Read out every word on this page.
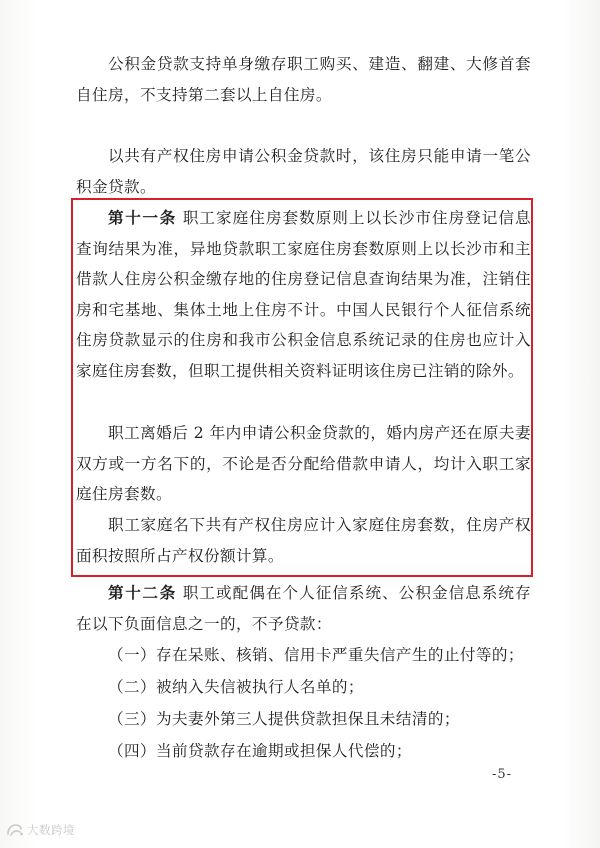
公积金贷款支持单身缴存职工购买、建造、翻建、大修首套自住房，不支持第二套以上自住房。

以共有产权住房申请公积金贷款时，该住房只能申请一笔公积金贷款。

第十一条 职工家庭住房套数原则上以长沙市住房登记信息查询结果为准，异地贷款职工家庭住房套数原则上以长沙市和主借款人住房公积金缴存地的住房登记信息查询结果为准，注销住房和宅基地、集体土地上住房不计。中国人民银行个人征信系统住房贷款显示的住房和我市公积金信息系统记录的住房也应计入家庭住房套数，但职工提供相关资料证明该住房已注销的除外。

职工离婚后 2 年内申请公积金贷款的，婚内房产还在原夫妻双方或一方名下的，不论是否分配给借款申请人，均计入职工家庭住房套数。

职工家庭名下共有产权住房应计入家庭住房套数，住房产权面积按照所占产权份额计算。

第十二条 职工或配偶在个人征信系统、公积金信息系统存在以下负面信息之一的，不予贷款：

（一）存在呆账、核销、信用卡严重失信产生的止付等的；

（二）被纳入失信被执行人名单的；

（三）为夫妻外第三人提供贷款担保且未结清的；

（四）当前贷款存在逾期或担保人代偿的；

-5-
大数跨境
